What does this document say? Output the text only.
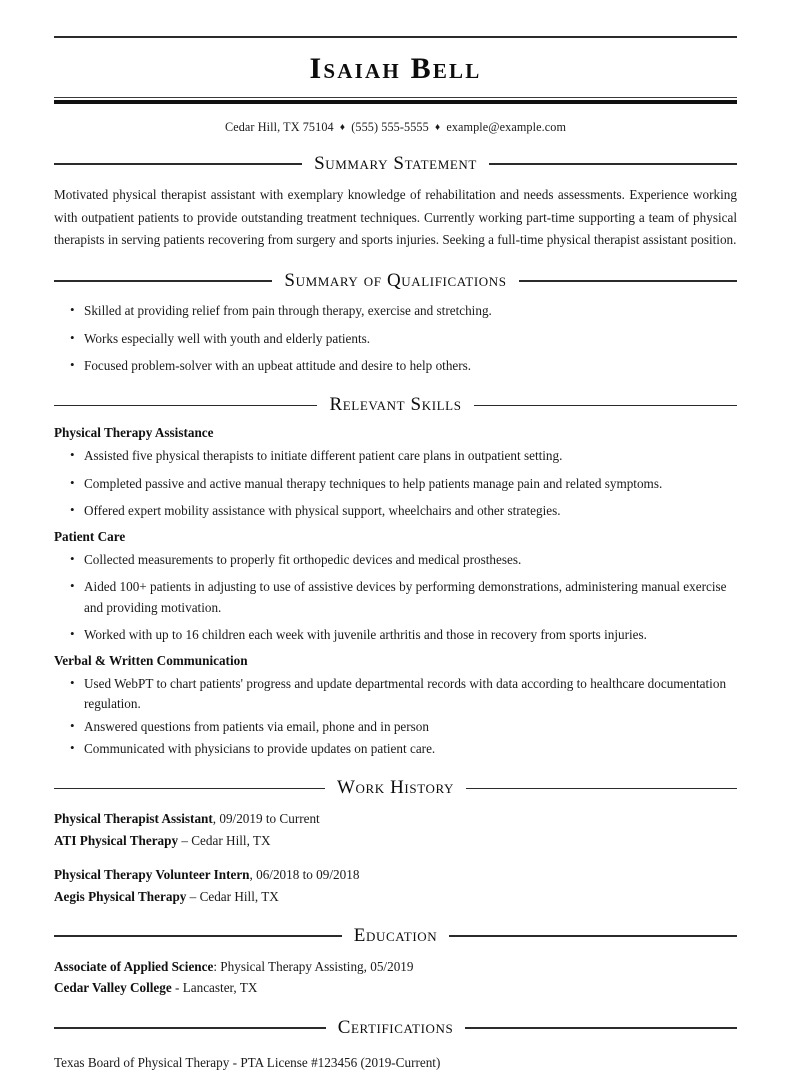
Isaiah Bell
Cedar Hill, TX 75104 ♦ (555) 555-5555 ♦ example@example.com
Summary Statement

Motivated physical therapist assistant with exemplary knowledge of rehabilitation and needs assessments. Experience working with outpatient patients to provide outstanding treatment techniques. Currently working part-time supporting a team of physical therapists in serving patients recovering from surgery and sports injuries. Seeking a full-time physical therapist assistant position.

Summary of Qualifications
• Skilled at providing relief from pain through therapy, exercise and stretching.
• Works especially well with youth and elderly patients.
• Focused problem-solver with an upbeat attitude and desire to help others.
Relevant Skills
Physical Therapy Assistance
• Assisted five physical therapists to initiate different patient care plans in outpatient setting.
• Completed passive and active manual therapy techniques to help patients manage pain and related symptoms.
• Offered expert mobility assistance with physical support, wheelchairs and other strategies.
Patient Care
• Collected measurements to properly fit orthopedic devices and medical prostheses.
• Aided 100+ patients in adjusting to use of assistive devices by performing demonstrations, administering manual exercise and providing motivation.
• Worked with up to 16 children each week with juvenile arthritis and those in recovery from sports injuries.
Verbal & Written Communication
• Used WebPT to chart patients' progress and update departmental records with data according to healthcare documentation regulation.
• Answered questions from patients via email, phone and in person
• Communicated with physicians to provide updates on patient care.
Work History
Physical Therapist Assistant, 09/2019 to Current
ATI Physical Therapy – Cedar Hill, TX
Physical Therapy Volunteer Intern, 06/2018 to 09/2018
Aegis Physical Therapy – Cedar Hill, TX
Education
Associate of Applied Science: Physical Therapy Assisting, 05/2019
Cedar Valley College - Lancaster, TX
Certifications
Texas Board of Physical Therapy - PTA License #123456 (2019-Current)
